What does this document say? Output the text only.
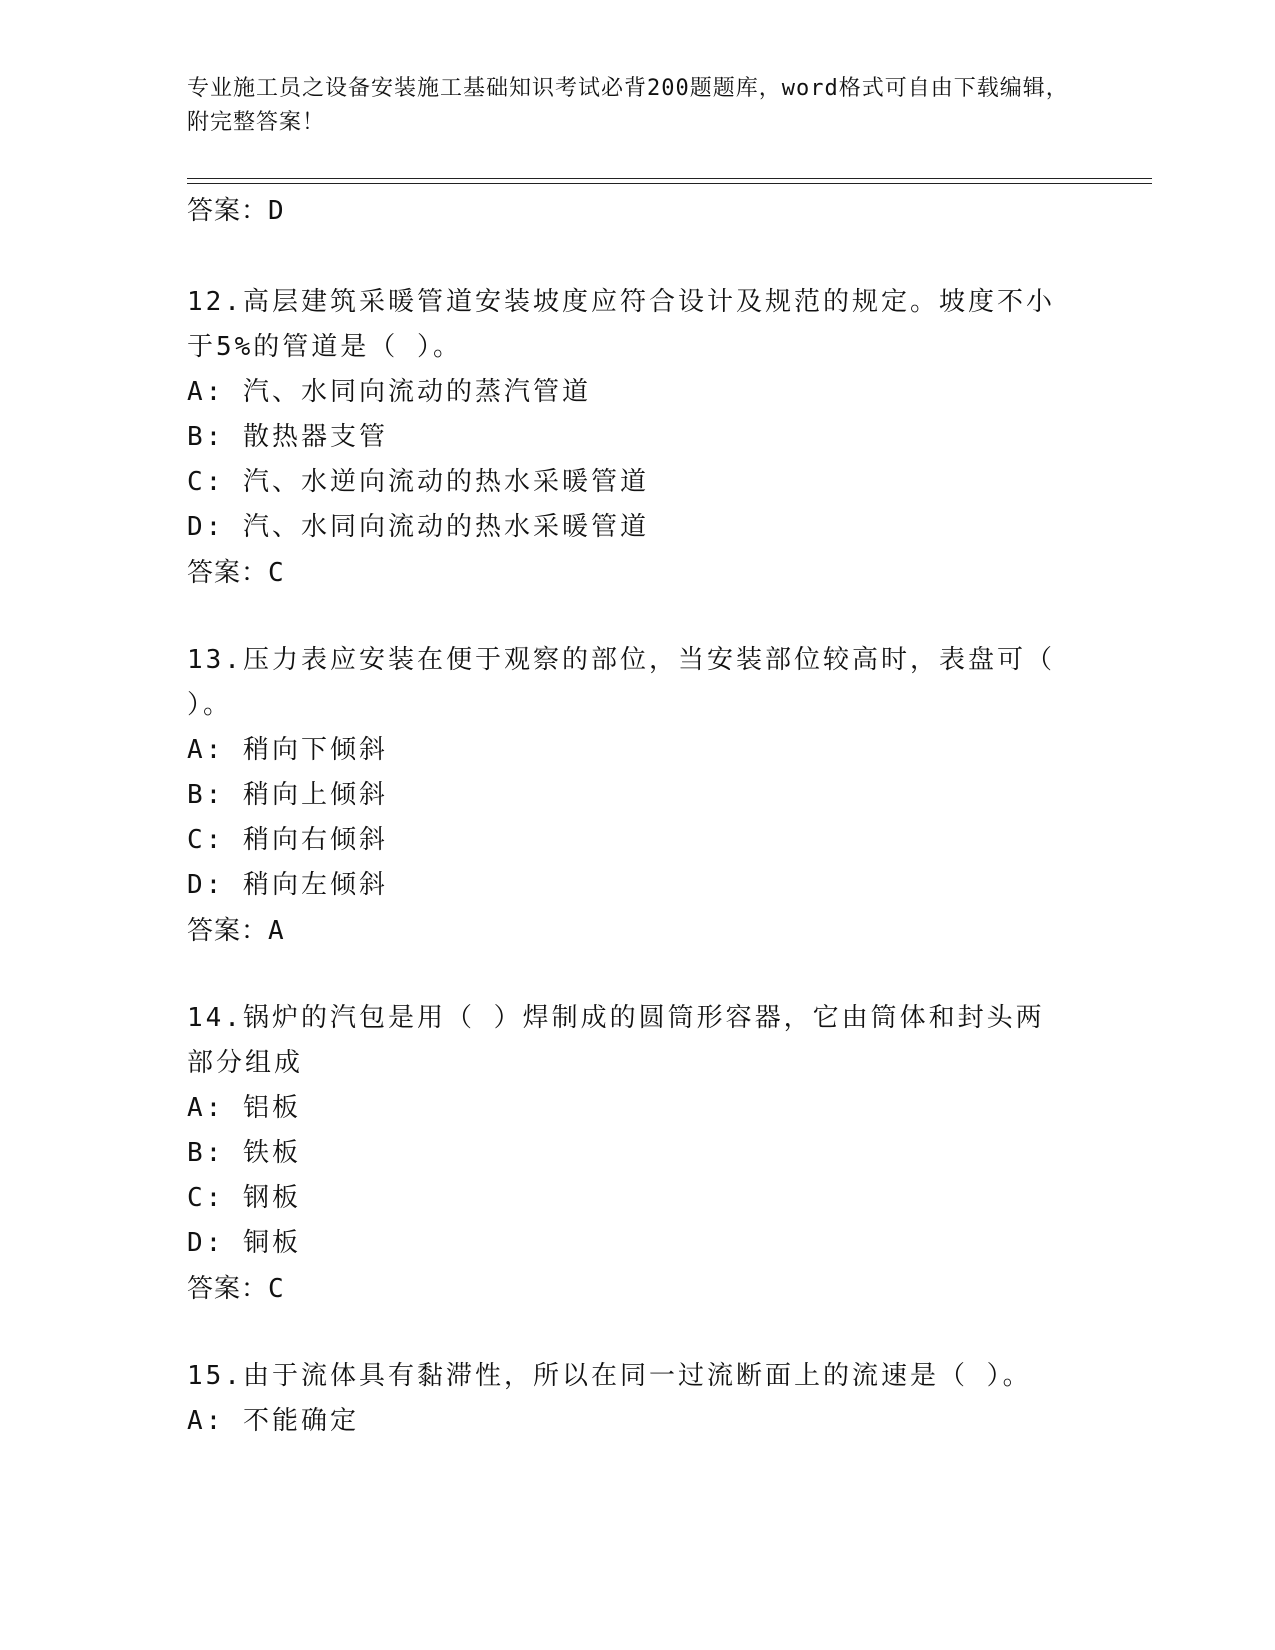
专业施工员之设备安装施工基础知识考试必背200题题库，word格式可自由下载编辑，附完整答案！
答案：D
12.高层建筑采暖管道安装坡度应符合设计及规范的规定。坡度不小于5%的管道是（ ）。
A: 汽、水同向流动的蒸汽管道
B: 散热器支管
C: 汽、水逆向流动的热水采暖管道
D: 汽、水同向流动的热水采暖管道
答案：C
13.压力表应安装在便于观察的部位，当安装部位较高时，表盘可（ ）。
A: 稍向下倾斜
B: 稍向上倾斜
C: 稍向右倾斜
D: 稍向左倾斜
答案：A
14.锅炉的汽包是用（ ）焊制成的圆筒形容器，它由筒体和封头两部分组成
A: 铝板
B: 铁板
C: 钢板
D: 铜板
答案：C
15.由于流体具有黏滞性，所以在同一过流断面上的流速是（ ）。
A: 不能确定
